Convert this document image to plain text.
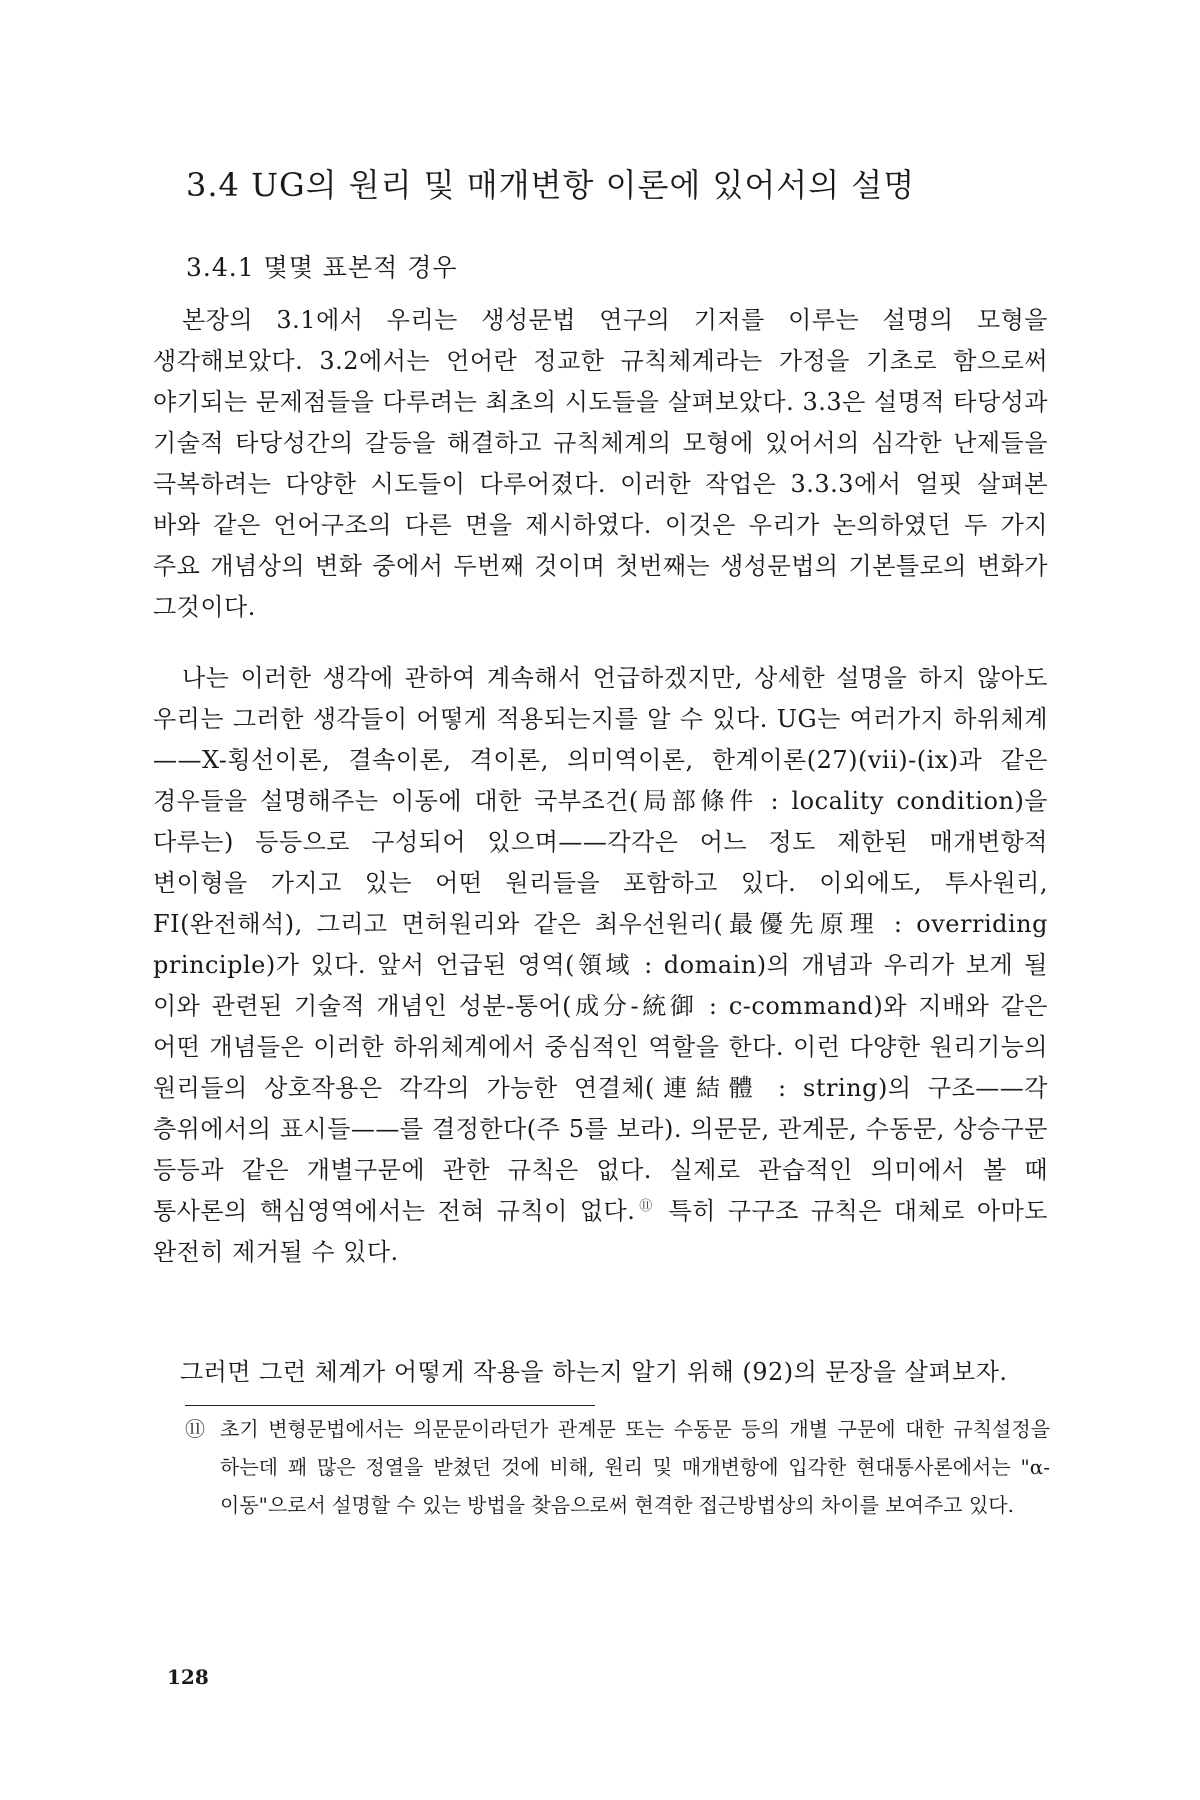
3.4 UG의 원리 및 매개변항 이론에 있어서의 설명
3.4.1 몇몇 표본적 경우

본장의 3.1에서 우리는 생성문법 연구의 기저를 이루는 설명의 모형을 생각해보았다. 3.2에서는 언어란 정교한 규칙체계라는 가정을 기초로 함으로써 야기되는 문제점들을 다루려는 최초의 시도들을 살펴보았다. 3.3은 설명적 타당성과 기술적 타당성간의 갈등을 해결하고 규칙체계의 모형에 있어서의 심각한 난제들을 극복하려는 다양한 시도들이 다루어졌다. 이러한 작업은 3.3.3에서 얼핏 살펴본 바와 같은 언어구조의 다른 면을 제시하였다. 이것은 우리가 논의하였던 두 가지 주요 개념상의 변화 중에서 두번째 것이며 첫번째는 생성문법의 기본틀로의 변화가 그것이다.

나는 이러한 생각에 관하여 계속해서 언급하겠지만, 상세한 설명을 하지 않아도 우리는 그러한 생각들이 어떻게 적용되는지를 알 수 있다. UG는 여러가지 하위체계——X-횡선이론, 결속이론, 격이론, 의미역이론, 한계이론(27)(vii)-(ix)과 같은 경우들을 설명해주는 이동에 대한 국부조건(局部條件 : locality condition)을 다루는) 등등으로 구성되어 있으며——각각은 어느 정도 제한된 매개변항적 변이형을 가지고 있는 어떤 원리들을 포함하고 있다. 이외에도, 투사원리, FI(완전해석), 그리고 면허원리와 같은 최우선원리(最優先原理 : overriding principle)가 있다. 앞서 언급된 영역(領域 : domain)의 개념과 우리가 보게 될 이와 관련된 기술적 개념인 성분-통어(成分-統御 : c-command)와 지배와 같은 어떤 개념들은 이러한 하위체계에서 중심적인 역할을 한다. 이런 다양한 원리기능의 원리들의 상호작용은 각각의 가능한 연결체(連結體 : string)의 구조——각 층위에서의 표시들——를 결정한다(주 5를 보라). 의문문, 관계문, 수동문, 상승구문 등등과 같은 개별구문에 관한 규칙은 없다. 실제로 관습적인 의미에서 볼 때 통사론의 핵심영역에서는 전혀 규칙이 없다.⑪ 특히 구구조 규칙은 대체로 아마도 완전히 제거될 수 있다.

그러면 그런 체계가 어떻게 작용을 하는지 알기 위해 (92)의 문장을 살펴보자.

⑪ 초기 변형문법에서는 의문문이라던가 관계문 또는 수동문 등의 개별 구문에 대한 규칙설정을 하는데 꽤 많은 정열을 받쳤던 것에 비해, 원리 및 매개변항에 입각한 현대통사론에서는 "α-이동"으로서 설명할 수 있는 방법을 찾음으로써 현격한 접근방법상의 차이를 보여주고 있다.

128
